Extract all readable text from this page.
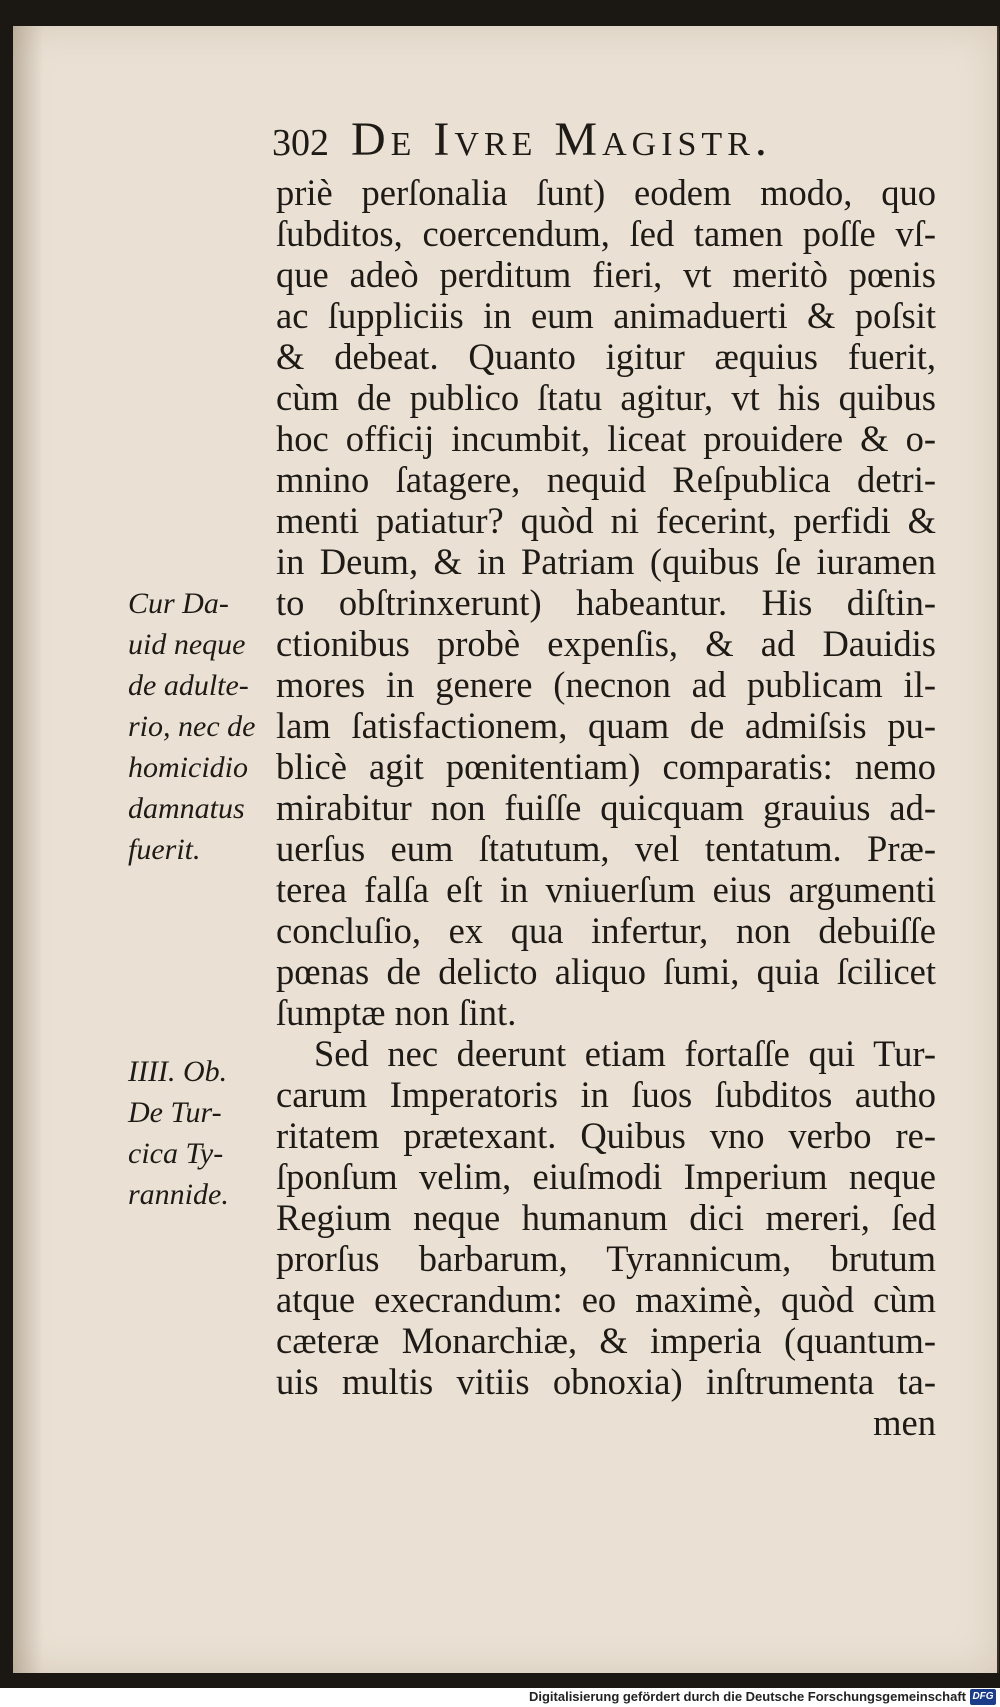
302 De Ivre Magistr.
priè perſonalia ſunt) eodem modo, quo
ſubditos, coercendum, ſed tamen poſſe vſ-
que adeò perditum fieri, vt meritò pœnis
ac ſuppliciis in eum animaduerti & poſsit
& debeat. Quanto igitur æquius fuerit,
cùm de publico ſtatu agitur, vt his quibus
hoc officij incumbit, liceat prouidere & o-
mnino ſatagere, nequid Reſpublica detri-
menti patiatur? quòd ni fecerint, perfidi &
in Deum, & in Patriam (quibus ſe iuramen
to obſtrinxerunt) habeantur. His diſtin-
ctionibus probè expenſis, & ad Dauidis
mores in genere (necnon ad publicam il-
lam ſatisfactionem, quam de admiſsis pu-
blicè agit pœnitentiam) comparatis: nemo
mirabitur non fuiſſe quicquam grauius ad-
uerſus eum ſtatutum, vel tentatum. Præ-
terea falſa eſt in vniuerſum eius argumenti
concluſio, ex qua infertur, non debuiſſe
pœnas de delicto aliquo ſumi, quia ſcilicet
ſumptæ non ſint.
Sed nec deerunt etiam fortaſſe qui Tur-
carum Imperatoris in ſuos ſubditos autho
ritatem prætexant. Quibus vno verbo re-
ſponſum velim, eiuſmodi Imperium neque
Regium neque humanum dici mereri, ſed
prorſus barbarum, Tyrannicum, brutum
atque execrandum: eo maximè, quòd cùm
cæteræ Monarchiæ, & imperia (quantum-
uis multis vitiis obnoxia) inſtrumenta ta-
men
Cur Da-
uid neque
de adulte-
rio, nec de
homicidio
damnatus
fuerit.
IIII. Ob.
De Tur-
cica Ty-
rannide.
Digitalisierung gefördert durch die Deutsche Forschungsgemeinschaft DFG
